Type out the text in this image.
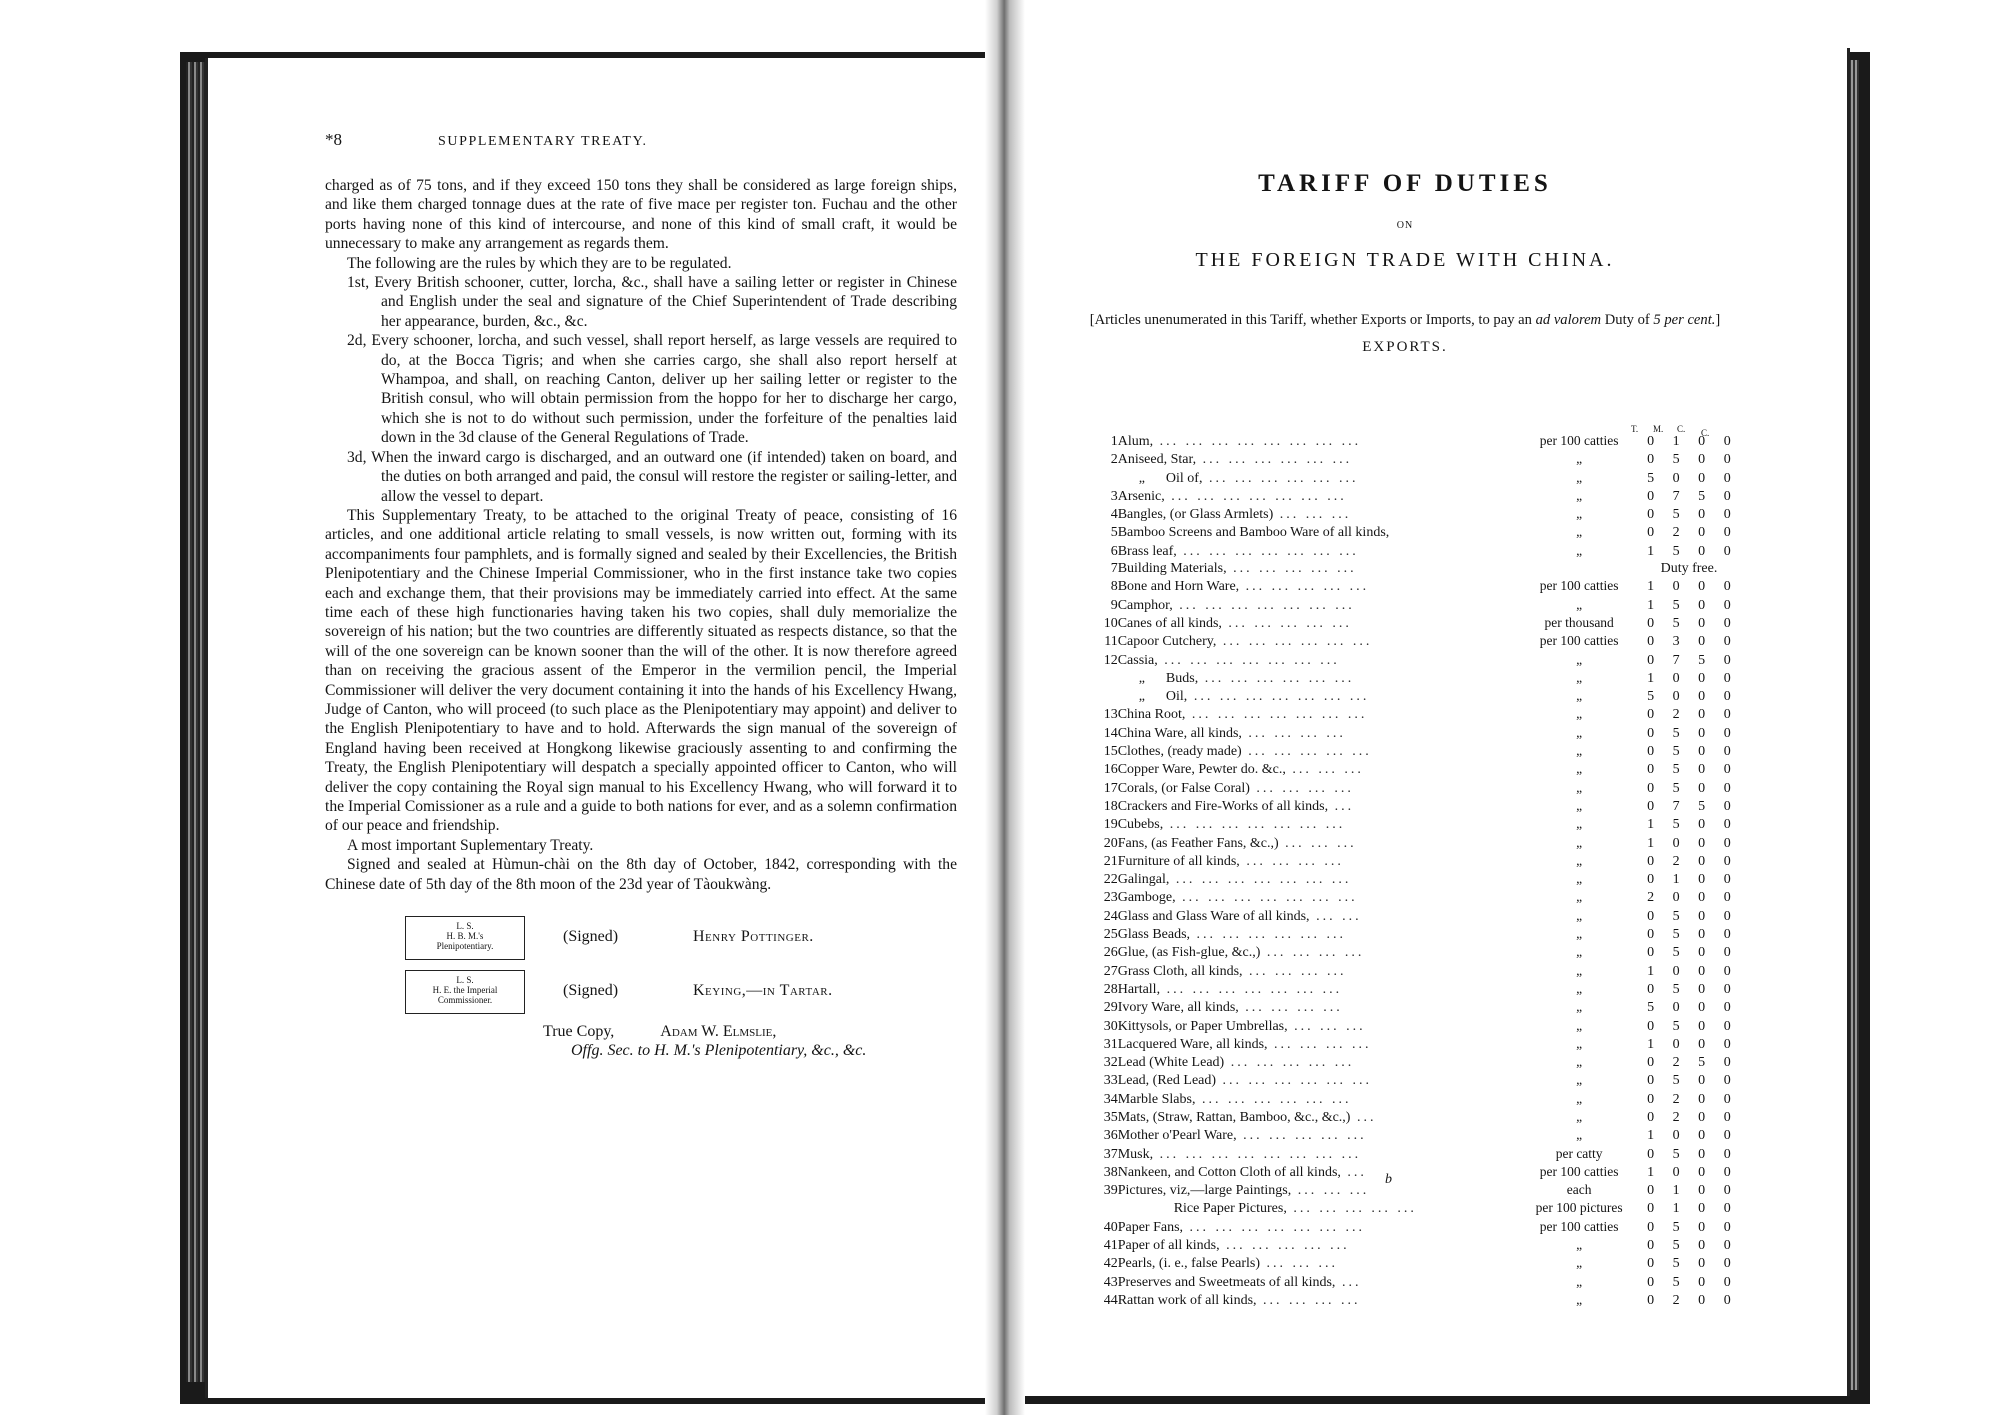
*8	SUPPLEMENTARY TREATY.

charged as of 75 tons, and if they exceed 150 tons they shall be considered as large foreign ships, and like them charged tonnage dues at the rate of five mace per register ton. Fuchau and the other ports having none of this kind of intercourse, and none of this kind of small craft, it would be unnecessary to make any arrangement as regards them.

The following are the rules by which they are to be regulated.

1st, Every British schooner, cutter, lorcha, &c., shall have a sailing letter or register in Chinese and English under the seal and signature of the Chief Superintendent of Trade describing her appearance, burden, &c., &c.

2d, Every schooner, lorcha, and such vessel, shall report herself, as large vessels are required to do, at the Bocca Tigris; and when she carries cargo, she shall also report herself at Whampoa, and shall, on reaching Canton, deliver up her sailing letter or register to the British consul, who will obtain permission from the hoppo for her to discharge her cargo, which she is not to do without such permission, under the forfeiture of the penalties laid down in the 3d clause of the General Regulations of Trade.

3d, When the inward cargo is discharged, and an outward one (if intended) taken on board, and the duties on both arranged and paid, the consul will restore the register or sailing-letter, and allow the vessel to depart.

This Supplementary Treaty, to be attached to the original Treaty of peace, consisting of 16 articles, and one additional article relating to small vessels, is now written out, forming with its accompaniments four pamphlets, and is formally signed and sealed by their Excellencies, the British Plenipotentiary and the Chinese Imperial Commissioner, who in the first instance take two copies each and exchange them, that their provisions may be immediately carried into effect. At the same time each of these high functionaries having taken his two copies, shall duly memorialize the sovereign of his nation; but the two countries are differently situated as respects distance, so that the will of the one sovereign can be known sooner than the will of the other. It is now therefore agreed than on receiving the gracious assent of the Emperor in the vermilion pencil, the Imperial Commissioner will deliver the very document containing it into the hands of his Excellency Hwang, Judge of Canton, who will proceed (to such place as the Plenipotentiary may appoint) and deliver to the English Plenipotentiary to have and to hold. Afterwards the sign manual of the sovereign of England having been received at Hongkong likewise graciously assenting to and confirming the Treaty, the English Plenipotentiary will despatch a specially appointed officer to Canton, who will deliver the copy containing the Royal sign manual to his Excellency Hwang, who will forward it to the Imperial Comissioner as a rule and a guide to both nations for ever, and as a solemn confirmation of our peace and friendship.

A most important Suplementary Treaty.

Signed and sealed at Hùmun-chài on the 8th day of October, 1842, corresponding with the Chinese date of 5th day of the 8th moon of the 23d year of Tàoukwàng.

L. S.
H. B. M.'s
Plenipotentiary.
(Signed)	Henry Pottinger.
L. S.
H. E. the Imperial
Commissioner.
(Signed)	Keying,—in Tartar.
True Copy,	Adam W. Elmslie,
Offg. Sec. to H. M.'s Plenipotentiary, &c., &c.
TARIFF OF DUTIES
ON
THE FOREIGN TRADE WITH CHINA.
[Articles unenumerated in this Tariff, whether Exports or Imports, to pay an ad valorem Duty of 5 per cent.]
EXPORTS.
T. M. C. C.
1	Alum, ... ... ... ... ... ... ... ...	per 100 catties	0	1	0	0
2	Aniseed, Star, ... ... ... ... ... ...	„	0	5	0	0
	„      Oil of, ... ... ... ... ... ...	„	5	0	0	0
3	Arsenic, ... ... ... ... ... ... ...	„	0	7	5	0
4	Bangles, (or Glass Armlets) ... ... ...	„	0	5	0	0
5	Bamboo Screens and Bamboo Ware of all kinds,	„	0	2	0	0
6	Brass leaf, ... ... ... ... ... ... ...	„	1	5	0	0
7	Building Materials, ... ... ... ... ...		Duty free.			
8	Bone and Horn Ware, ... ... ... ... ...	per 100 catties	1	0	0	0
9	Camphor, ... ... ... ... ... ... ...	„	1	5	0	0
10	Canes of all kinds, ... ... ... ... ...	per thousand	0	5	0	0
11	Capoor Cutchery, ... ... ... ... ... ...	per 100 catties	0	3	0	0
12	Cassia, ... ... ... ... ... ... ...	„	0	7	5	0
	„      Buds, ... ... ... ... ... ...	„	1	0	0	0
	„      Oil, ... ... ... ... ... ... ...	„	5	0	0	0
13	China Root, ... ... ... ... ... ... ...	„	0	2	0	0
14	China Ware, all kinds, ... ... ... ...	„	0	5	0	0
15	Clothes, (ready made) ... ... ... ... ...	„	0	5	0	0
16	Copper Ware, Pewter do. &c., ... ... ...	„	0	5	0	0
17	Corals, (or False Coral) ... ... ... ...	„	0	5	0	0
18	Crackers and Fire-Works of all kinds, ...	„	0	7	5	0
19	Cubebs, ... ... ... ... ... ... ...	„	1	5	0	0
20	Fans, (as Feather Fans, &c.,) ... ... ...	„	1	0	0	0
21	Furniture of all kinds, ... ... ... ...	„	0	2	0	0
22	Galingal, ... ... ... ... ... ... ...	„	0	1	0	0
23	Gamboge, ... ... ... ... ... ... ...	„	2	0	0	0
24	Glass and Glass Ware of all kinds, ... ...	„	0	5	0	0
25	Glass Beads, ... ... ... ... ... ...	„	0	5	0	0
26	Glue, (as Fish-glue, &c.,) ... ... ... ...	„	0	5	0	0
27	Grass Cloth, all kinds, ... ... ... ...	„	1	0	0	0
28	Hartall, ... ... ... ... ... ... ...	„	0	5	0	0
29	Ivory Ware, all kinds, ... ... ... ...	„	5	0	0	0
30	Kittysols, or Paper Umbrellas, ... ... ...	„	0	5	0	0
31	Lacquered Ware, all kinds, ... ... ... ...	„	1	0	0	0
32	Lead (White Lead) ... ... ... ... ...	„	0	2	5	0
33	Lead, (Red Lead) ... ... ... ... ... ...	„	0	5	0	0
34	Marble Slabs, ... ... ... ... ... ...	„	0	2	0	0
35	Mats, (Straw, Rattan, Bamboo, &c., &c.,) ...	„	0	2	0	0
36	Mother o'Pearl Ware, ... ... ... ... ...	„	1	0	0	0
37	Musk, ... ... ... ... ... ... ... ...	per catty	0	5	0	0
38	Nankeen, and Cotton Cloth of all kinds, ...	per 100 catties	1	0	0	0
39	Pictures, viz,—large Paintings, ... ... ...	each	0	1	0	0
	Rice Paper Pictures, ... ... ... ... ...	per 100 pictures	0	1	0	0
40	Paper Fans, ... ... ... ... ... ... ...	per 100 catties	0	5	0	0
41	Paper of all kinds, ... ... ... ... ...	„	0	5	0	0
42	Pearls, (i. e., false Pearls) ... ... ...	„	0	5	0	0
43	Preserves and Sweetmeats of all kinds, ...	„	0	5	0	0
44	Rattan work of all kinds, ... ... ... ...	„	0	2	0	0
b
